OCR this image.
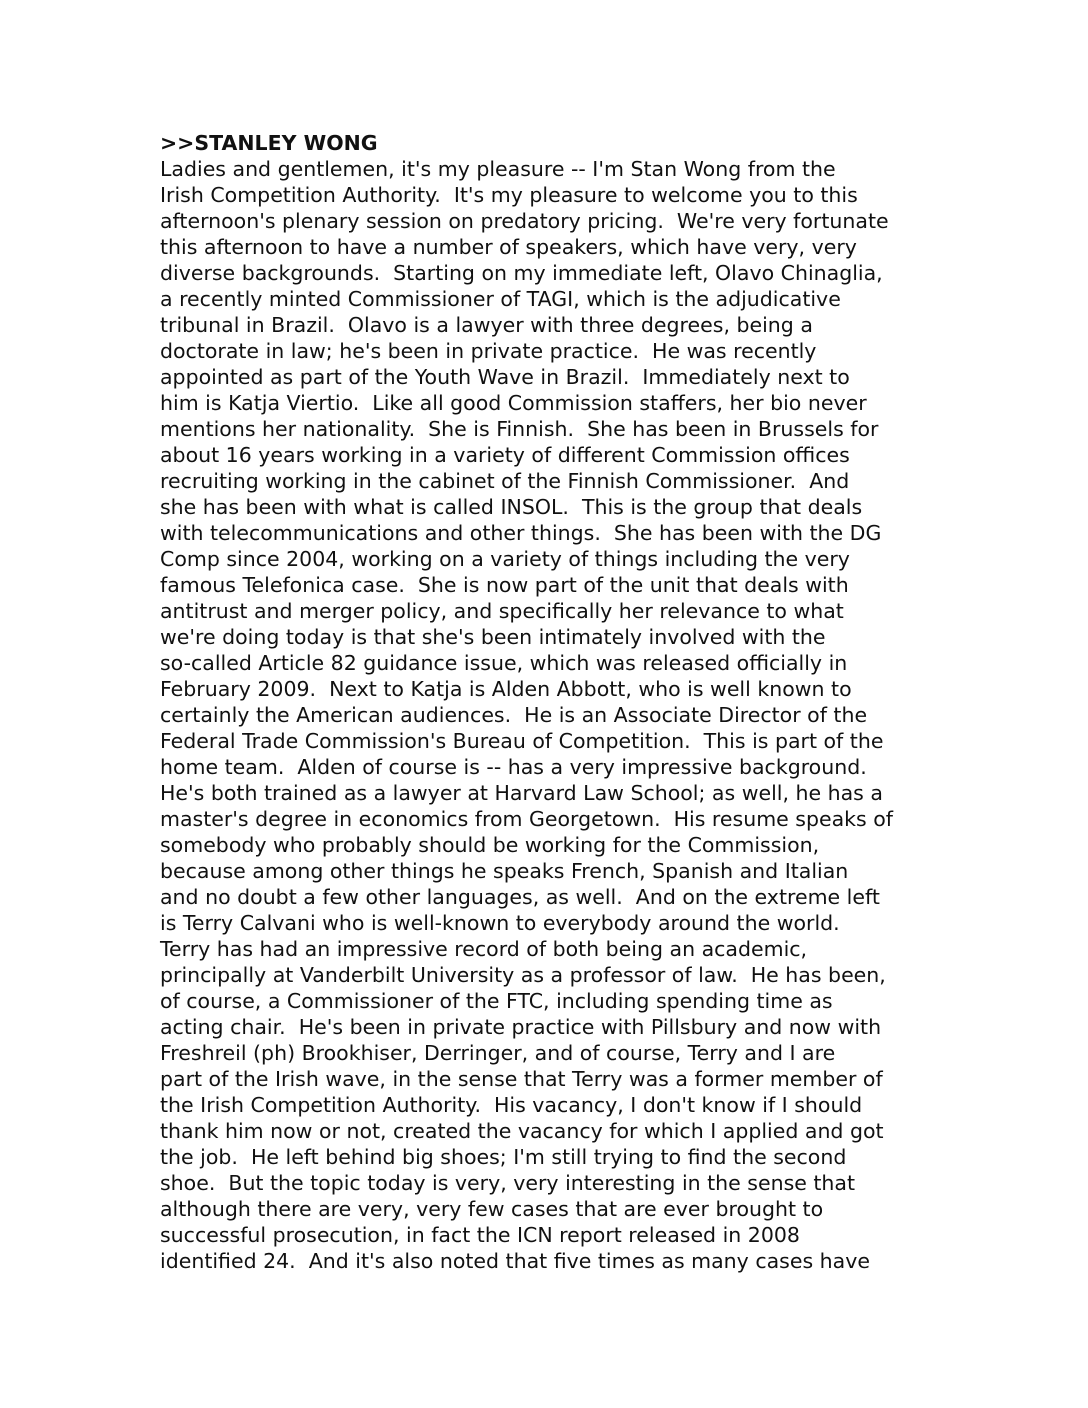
>>STANLEY WONG
Ladies and gentlemen, it's my pleasure -- I'm Stan Wong from the
Irish Competition Authority.  It's my pleasure to welcome you to this
afternoon's plenary session on predatory pricing.  We're very fortunate
this afternoon to have a number of speakers, which have very, very
diverse backgrounds.  Starting on my immediate left, Olavo Chinaglia,
a recently minted Commissioner of TAGI, which is the adjudicative
tribunal in Brazil.  Olavo is a lawyer with three degrees, being a
doctorate in law; he's been in private practice.  He was recently
appointed as part of the Youth Wave in Brazil.  Immediately next to
him is Katja Viertio.  Like all good Commission staffers, her bio never
mentions her nationality.  She is Finnish.  She has been in Brussels for
about 16 years working in a variety of different Commission offices
recruiting working in the cabinet of the Finnish Commissioner.  And
she has been with what is called INSOL.  This is the group that deals
with telecommunications and other things.  She has been with the DG
Comp since 2004, working on a variety of things including the very
famous Telefonica case.  She is now part of the unit that deals with
antitrust and merger policy, and specifically her relevance to what
we're doing today is that she's been intimately involved with the
so-called Article 82 guidance issue, which was released officially in
February 2009.  Next to Katja is Alden Abbott, who is well known to
certainly the American audiences.  He is an Associate Director of the
Federal Trade Commission's Bureau of Competition.  This is part of the
home team.  Alden of course is -- has a very impressive background.
He's both trained as a lawyer at Harvard Law School; as well, he has a
master's degree in economics from Georgetown.  His resume speaks of
somebody who probably should be working for the Commission,
because among other things he speaks French, Spanish and Italian
and no doubt a few other languages, as well.  And on the extreme left
is Terry Calvani who is well-known to everybody around the world.
Terry has had an impressive record of both being an academic,
principally at Vanderbilt University as a professor of law.  He has been,
of course, a Commissioner of the FTC, including spending time as
acting chair.  He's been in private practice with Pillsbury and now with
Freshreil (ph) Brookhiser, Derringer, and of course, Terry and I are
part of the Irish wave, in the sense that Terry was a former member of
the Irish Competition Authority.  His vacancy, I don't know if I should
thank him now or not, created the vacancy for which I applied and got
the job.  He left behind big shoes; I'm still trying to find the second
shoe.  But the topic today is very, very interesting in the sense that
although there are very, very few cases that are ever brought to
successful prosecution, in fact the ICN report released in 2008
identified 24.  And it's also noted that five times as many cases have
